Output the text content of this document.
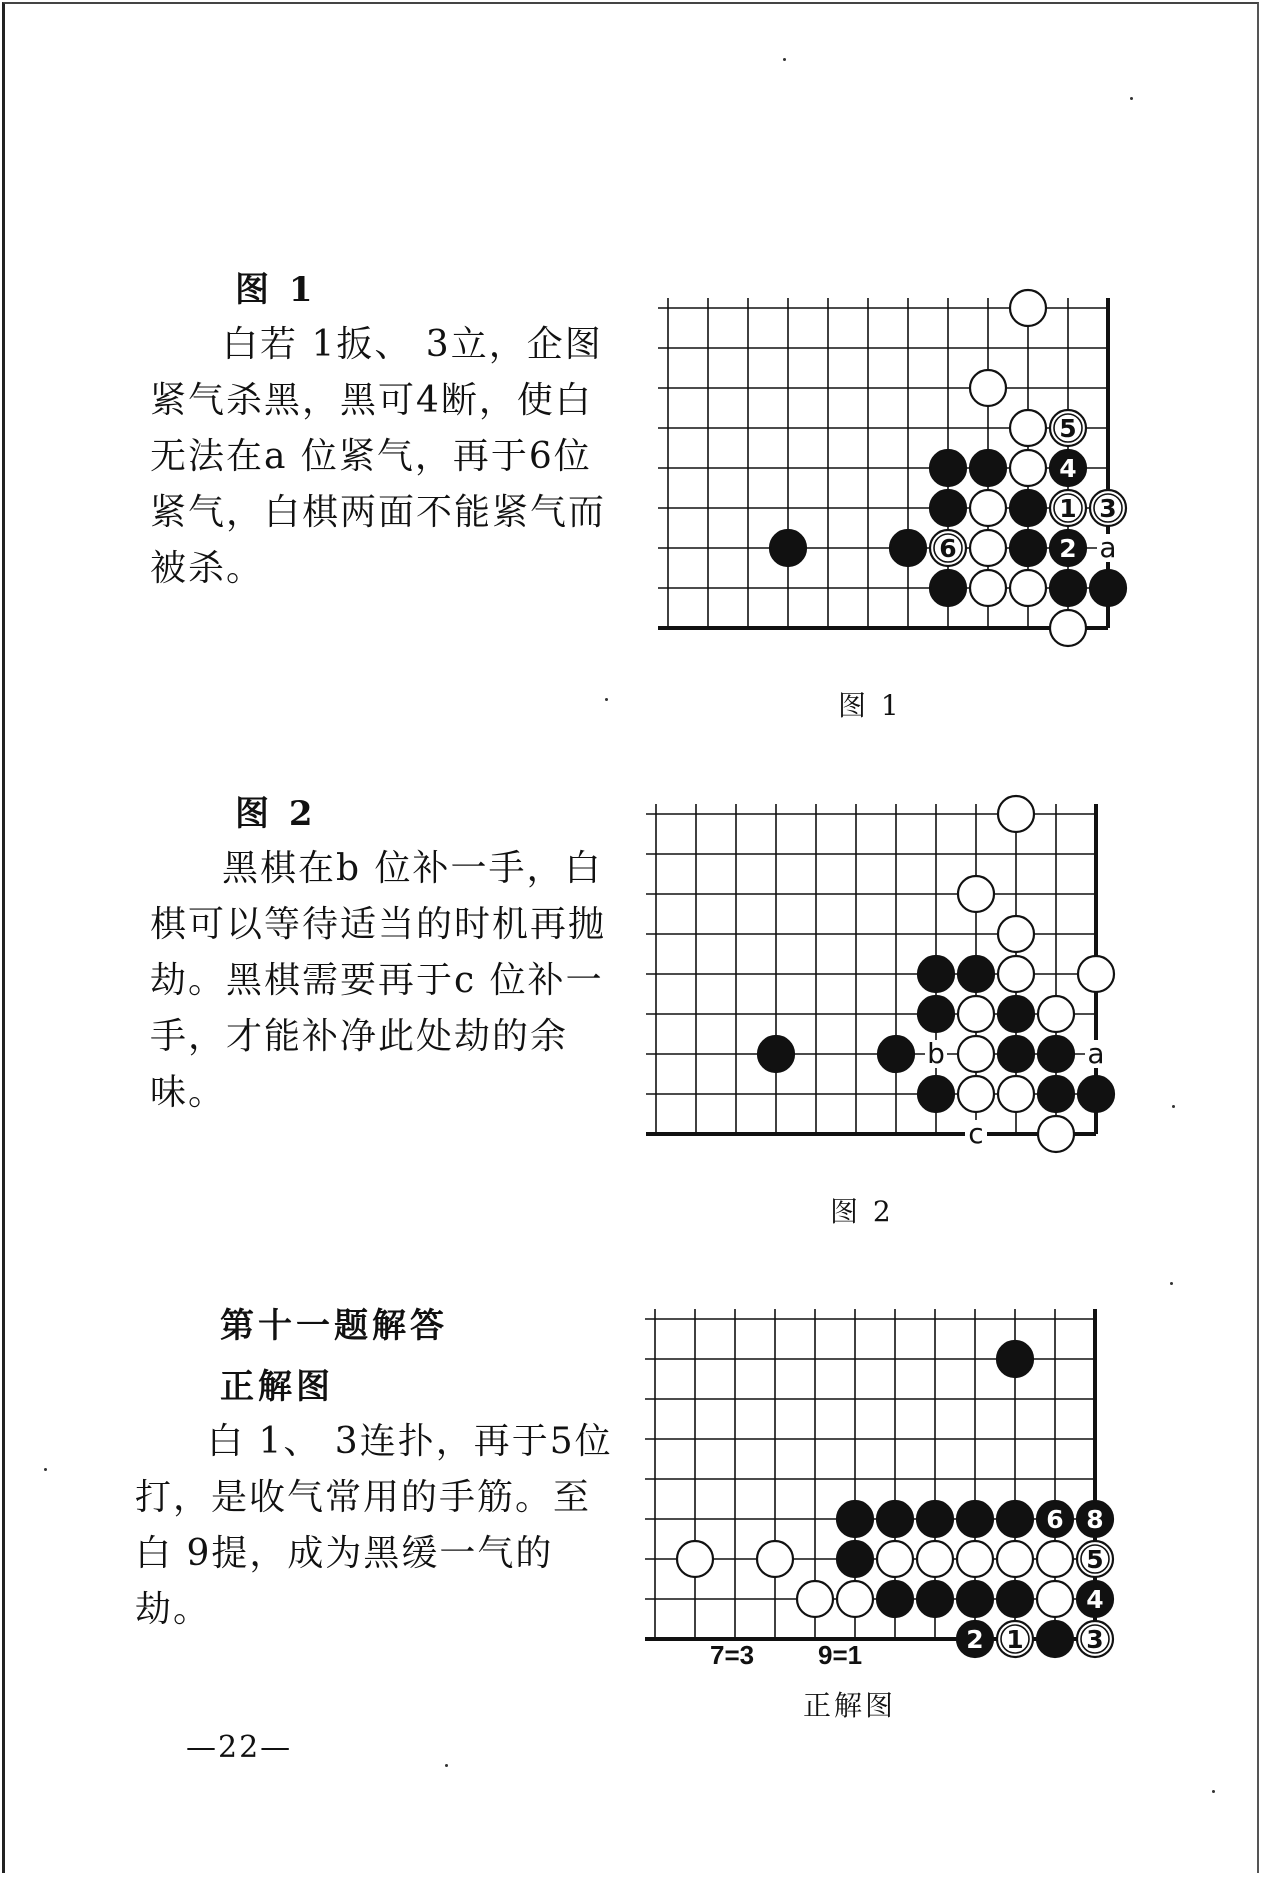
图 1

白若 1扳、 3立，企图紧气杀黑，黑可4断，使白无法在a 位紧气，再于6位紧气，白棋两面不能紧气而被杀。

a
5
4
1 3
6	2
图 1
图 2

黑棋在b 位补一手，白棋可以等待适当的时机再抛劫。黑棋需要再于c 位补一手，才能补净此处劫的余味。

b	a
c
图 2
第十一题解答
正解图

白 1、 3连扑，再于5位打，是收气常用的手筋。至白 9提，成为黑缓一气的劫。

6 8
5
4
2 1	3
7=3 9=1
正解图
—22—
